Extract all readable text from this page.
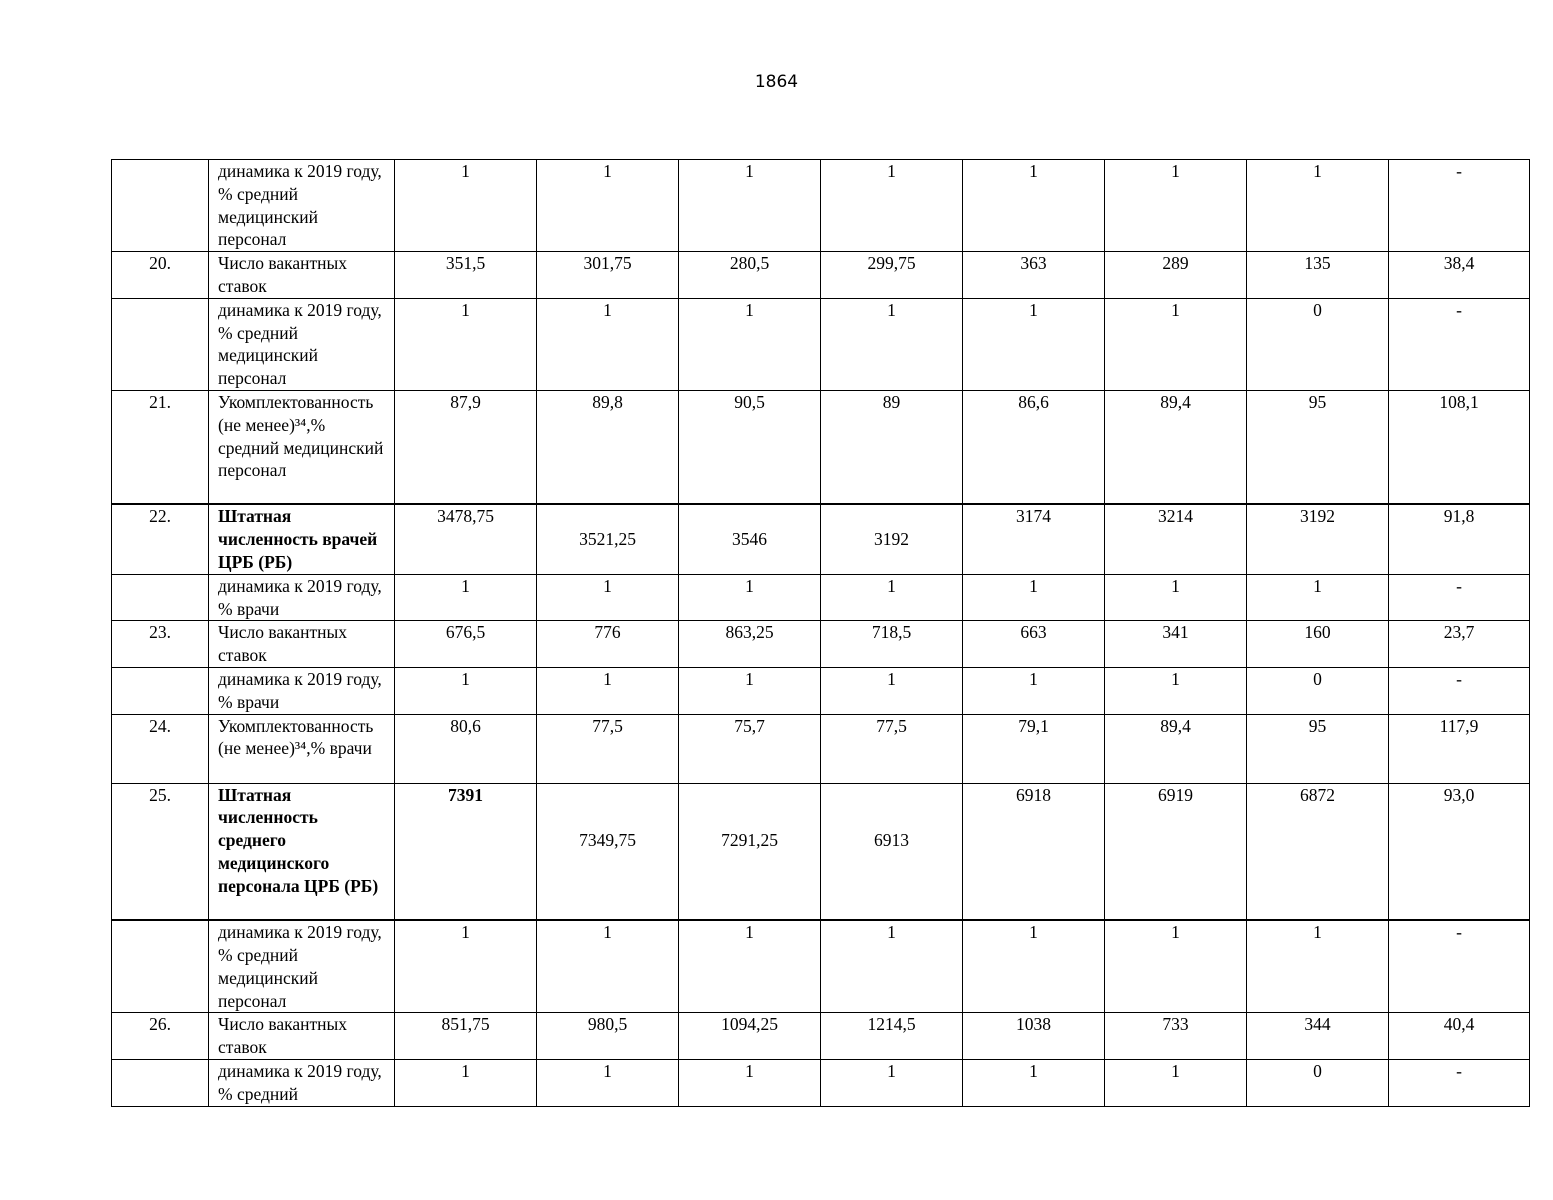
1864
	динамика к 2019 году, % средний медицинский персонал	1	1	1	1	1	1	1	-
20.	Число вакантных ставок	351,5	301,75	280,5	299,75	363	289	135	38,4
	динамика к 2019 году, % средний медицинский персонал	1	1	1	1	1	1	0	-
21.	Укомплектованность (не менее)³⁴,% средний медицинский персонал	87,9	89,8	90,5	89	86,6	89,4	95	108,1
22.	Штатная численность врачей ЦРБ (РБ)	3478,75	3521,25	3546	3192	3174	3214	3192	91,8
	динамика к 2019 году, % врачи	1	1	1	1	1	1	1	-
23.	Число вакантных ставок	676,5	776	863,25	718,5	663	341	160	23,7
	динамика к 2019 году, % врачи	1	1	1	1	1	1	0	-
24.	Укомплектованность (не менее)³⁴,% врачи	80,6	77,5	75,7	77,5	79,1	89,4	95	117,9
25.	Штатная численность среднего медицинского персонала ЦРБ (РБ)	7391	7349,75	7291,25	6913	6918	6919	6872	93,0
	динамика к 2019 году, % средний медицинский персонал	1	1	1	1	1	1	1	-
26.	Число вакантных ставок	851,75	980,5	1094,25	1214,5	1038	733	344	40,4
	динамика к 2019 году, % средний	1	1	1	1	1	1	0	-
